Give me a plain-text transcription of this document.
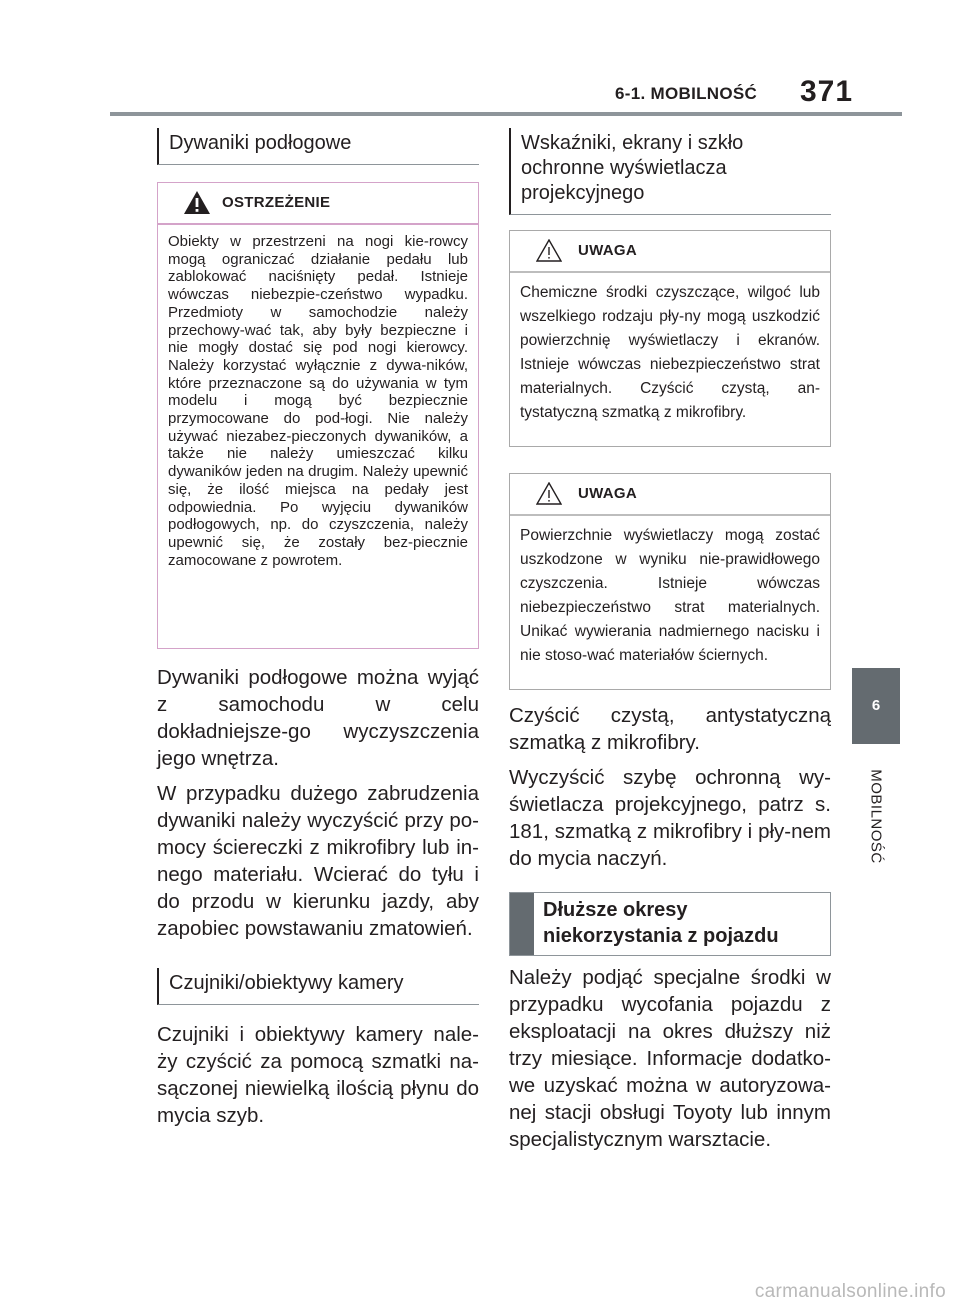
6-1. MOBILNOŚĆ 371
6
MOBILNOŚĆ
Dywaniki podłogowe
OSTRZEŻENIE
Obiekty w przestrzeni na nogi kie-rowcy mogą ograniczać działanie pedału lub zablokować naciśnięty pedał. Istnieje wówczas niebezpie-czeństwo wypadku. Przedmioty w samochodzie należy przechowy-wać tak, aby były bezpieczne i nie mogły dostać się pod nogi kierowcy. Należy korzystać wyłącznie z dywa-ników, które przeznaczone są do używania w tym modelu i mogą być bezpiecznie przymocowane do pod-łogi. Nie należy używać niezabez-pieczonych dywaników, a także nie należy umieszczać kilku dywaników jeden na drugim. Należy upewnić się, że ilość miejsca na pedały jest odpowiednia. Po wyjęciu dywaników podłogowych, np. do czyszczenia, należy upewnić się, że zostały bez-piecznie zamocowane z powrotem.

Dywaniki podłogowe można wyjąć z samochodu w celu dokładniejsze-go wyczyszczenia jego wnętrza.

W przypadku dużego zabrudzenia dywaniki należy wyczyścić przy po-mocy ściereczki z mikrofibry lub in-nego materiału. Wcierać do tyłu i do przodu w kierunku jazdy, aby zapobiec powstawaniu zmatowień.

Czujniki/obiektywy kamery

Czujniki i obiektywy kamery nale-ży czyścić za pomocą szmatki na-sączonej niewielką ilością płynu do mycia szyb.

Wskaźniki, ekrany i szkło ochronne wyświetlacza projekcyjnego
UWAGA
Chemiczne środki czyszczące, wilgoć lub wszelkiego rodzaju pły-ny mogą uszkodzić powierzchnię wyświetlaczy i ekranów. Istnieje wówczas niebezpieczeństwo strat materialnych. Czyścić czystą, an-tystatyczną szmatką z mikrofibry.
UWAGA
Powierzchnie wyświetlaczy mogą zostać uszkodzone w wyniku nie-prawidłowego czyszczenia. Istnieje wówczas niebezpieczeństwo strat materialnych. Unikać wywierania nadmiernego nacisku i nie stoso-wać materiałów ściernych.

Czyścić czystą, antystatyczną szmatką z mikrofibry.

Wyczyścić szybę ochronną wy-świetlacza projekcyjnego, patrz s. 181, szmatką z mikrofibry i pły-nem do mycia naczyń.

Dłuższe okresy niekorzystania z pojazdu

Należy podjąć specjalne środki w przypadku wycofania pojazdu z eksploatacji na okres dłuższy niż trzy miesiące. Informacje dodatko-we uzyskać można w autoryzowa-nej stacji obsługi Toyoty lub innym specjalistycznym warsztacie.

carmanualsonline.info
